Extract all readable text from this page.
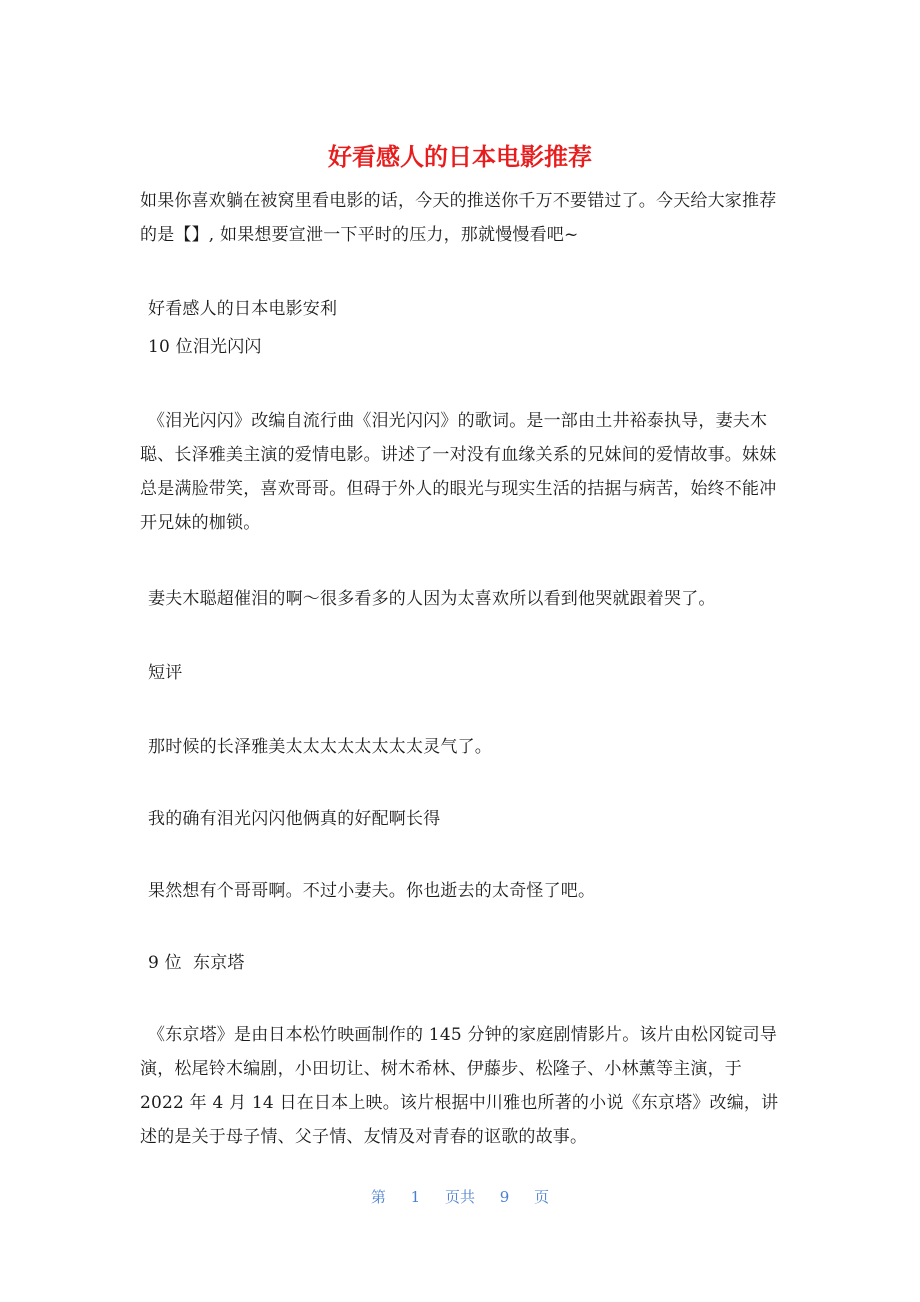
好看感人的日本电影推荐

如果你喜欢躺在被窝里看电影的话，今天的推送你千万不要错过了。今天给大家推荐的是【】, 如果想要宣泄一下平时的压力，那就慢慢看吧~

好看感人的日本电影安利

10 位泪光闪闪

《泪光闪闪》改编自流行曲《泪光闪闪》的歌词。是一部由土井裕泰执导，妻夫木聪、长泽雅美主演的爱情电影。讲述了一对没有血缘关系的兄妹间的爱情故事。妹妹总是满脸带笑，喜欢哥哥。但碍于外人的眼光与现实生活的拮据与病苦，始终不能冲开兄妹的枷锁。

妻夫木聪超催泪的啊～很多看多的人因为太喜欢所以看到他哭就跟着哭了。

短评

那时候的长泽雅美太太太太太太太太灵气了。

我的确有泪光闪闪他俩真的好配啊长得

果然想有个哥哥啊。不过小妻夫。你也逝去的太奇怪了吧。

9 位  东京塔

《东京塔》是由日本松竹映画制作的 145 分钟的家庭剧情影片。该片由松冈锭司导演，松尾铃木编剧，小田切让、树木希林、伊藤步、松隆子、小林薰等主演，于 2022 年 4 月 14 日在日本上映。该片根据中川雅也所著的小说《东京塔》改编，讲述的是关于母子情、父子情、友情及对青春的讴歌的故事。

第 1 页共 9 页
